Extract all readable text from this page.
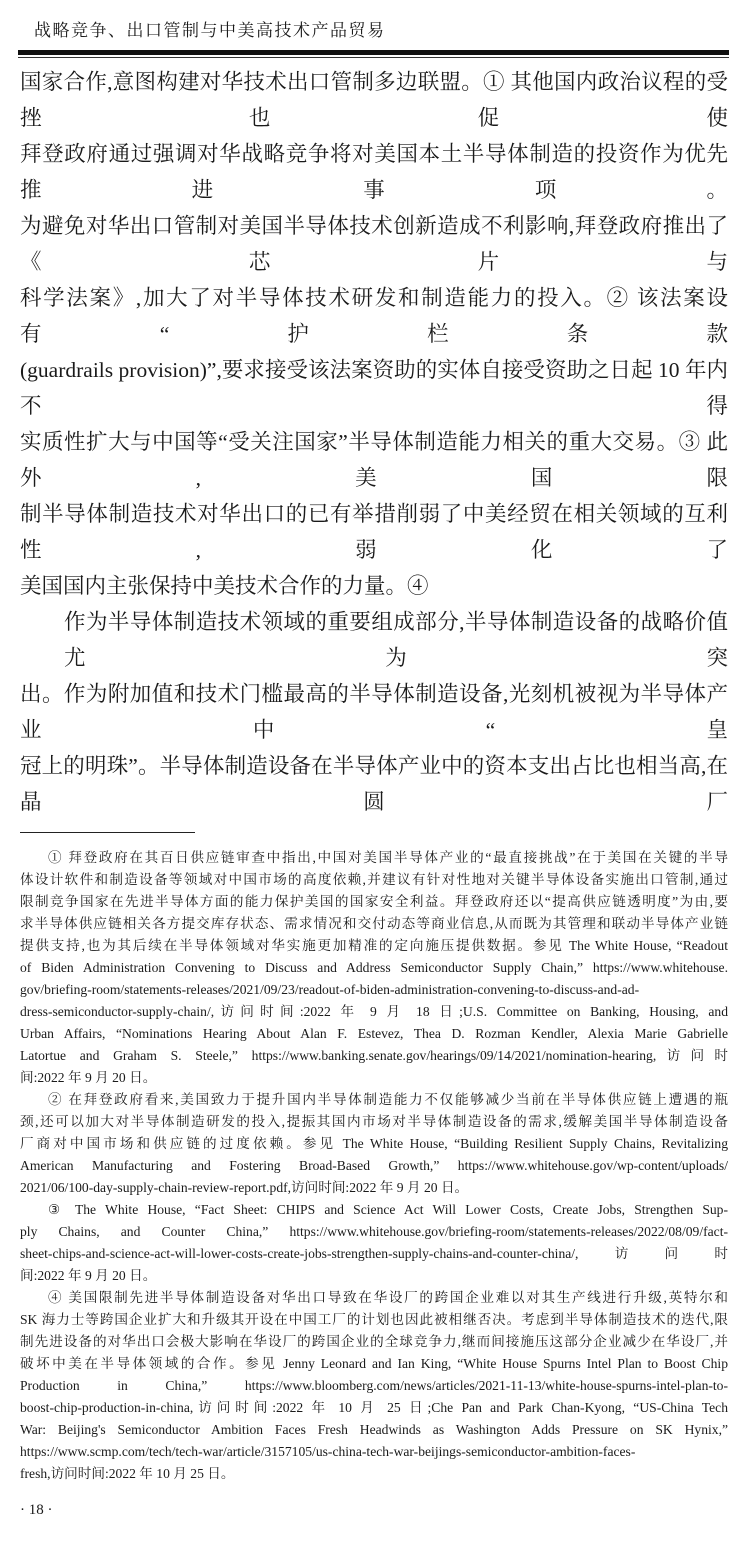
战略竞争、出口管制与中美高技术产品贸易
国家合作,意图构建对华技术出口管制多边联盟。① 其他国内政治议程的受挫也促使
拜登政府通过强调对华战略竞争将对美国本土半导体制造的投资作为优先推进事项。
为避免对华出口管制对美国半导体技术创新造成不利影响,拜登政府推出了《芯片与
科学法案》,加大了对半导体技术研发和制造能力的投入。② 该法案设有“护栏条款
(guardrails provision)”,要求接受该法案资助的实体自接受资助之日起 10 年内不得
实质性扩大与中国等“受关注国家”半导体制造能力相关的重大交易。③ 此外,美国限
制半导体制造技术对华出口的已有举措削弱了中美经贸在相关领域的互利性,弱化了
美国国内主张保持中美技术合作的力量。④
作为半导体制造技术领域的重要组成部分,半导体制造设备的战略价值尤为突
出。作为附加值和技术门槛最高的半导体制造设备,光刻机被视为半导体产业中“皇
冠上的明珠”。半导体制造设备在半导体产业中的资本支出占比也相当高,在晶圆厂
① 拜登政府在其百日供应链审查中指出,中国对美国半导体产业的“最直接挑战”在于美国在关键的半导
体设计软件和制造设备等领域对中国市场的高度依赖,并建议有针对性地对关键半导体设备实施出口管制,通过
限制竞争国家在先进半导体方面的能力保护美国的国家安全利益。拜登政府还以“提高供应链透明度”为由,要
求半导体供应链相关各方提交库存状态、需求情况和交付动态等商业信息,从而既为其管理和联动半导体产业链
提供支持,也为其后续在半导体领域对华实施更加精准的定向施压提供数据。参见 The White House, “Readout
of Biden Administration Convening to Discuss and Address Semiconductor Supply Chain,” https://www.whitehouse.
gov/briefing-room/statements-releases/2021/09/23/readout-of-biden-administration-convening-to-discuss-and-ad-
dress-semiconductor-supply-chain/,访问时间:2022 年 9 月 18 日;U.S. Committee on Banking, Housing, and
Urban Affairs, “Nominations Hearing About Alan F. Estevez, Thea D. Rozman Kendler, Alexia Marie Gabrielle
Latortue and Graham S. Steele,” https://www.banking.senate.gov/hearings/09/14/2021/nomination-hearing,访问时
间:2022 年 9 月 20 日。
② 在拜登政府看来,美国致力于提升国内半导体制造能力不仅能够减少当前在半导体供应链上遭遇的瓶
颈,还可以加大对半导体制造研发的投入,提振其国内市场对半导体制造设备的需求,缓解美国半导体制造设备
厂商对中国市场和供应链的过度依赖。参见 The White House, “Building Resilient Supply Chains, Revitalizing
American Manufacturing and Fostering Broad-Based Growth,” https://www.whitehouse.gov/wp-content/uploads/
2021/06/100-day-supply-chain-review-report.pdf,访问时间:2022 年 9 月 20 日。
③ The White House, “Fact Sheet: CHIPS and Science Act Will Lower Costs, Create Jobs, Strengthen Sup-
ply Chains, and Counter China,” https://www.whitehouse.gov/briefing-room/statements-releases/2022/08/09/fact-
sheet-chips-and-science-act-will-lower-costs-create-jobs-strengthen-supply-chains-and-counter-china/,访问时
间:2022 年 9 月 20 日。
④ 美国限制先进半导体制造设备对华出口导致在华设厂的跨国企业难以对其生产线进行升级,英特尔和
SK 海力士等跨国企业扩大和升级其开设在中国工厂的计划也因此被相继否决。考虑到半导体制造技术的迭代,限
制先进设备的对华出口会极大影响在华设厂的跨国企业的全球竞争力,继而间接施压这部分企业减少在华设厂,并
破坏中美在半导体领域的合作。参见 Jenny Leonard and Ian King, “White House Spurns Intel Plan to Boost Chip
Production in China,” https://www.bloomberg.com/news/articles/2021-11-13/white-house-spurns-intel-plan-to-
boost-chip-production-in-china,访问时间:2022 年 10 月 25 日;Che Pan and Park Chan-Kyong, “US-China Tech
War: Beijing's Semiconductor Ambition Faces Fresh Headwinds as Washington Adds Pressure on SK Hynix,”
https://www.scmp.com/tech/tech-war/article/3157105/us-china-tech-war-beijings-semiconductor-ambition-faces-
fresh,访问时间:2022 年 10 月 25 日。
· 18 ·
